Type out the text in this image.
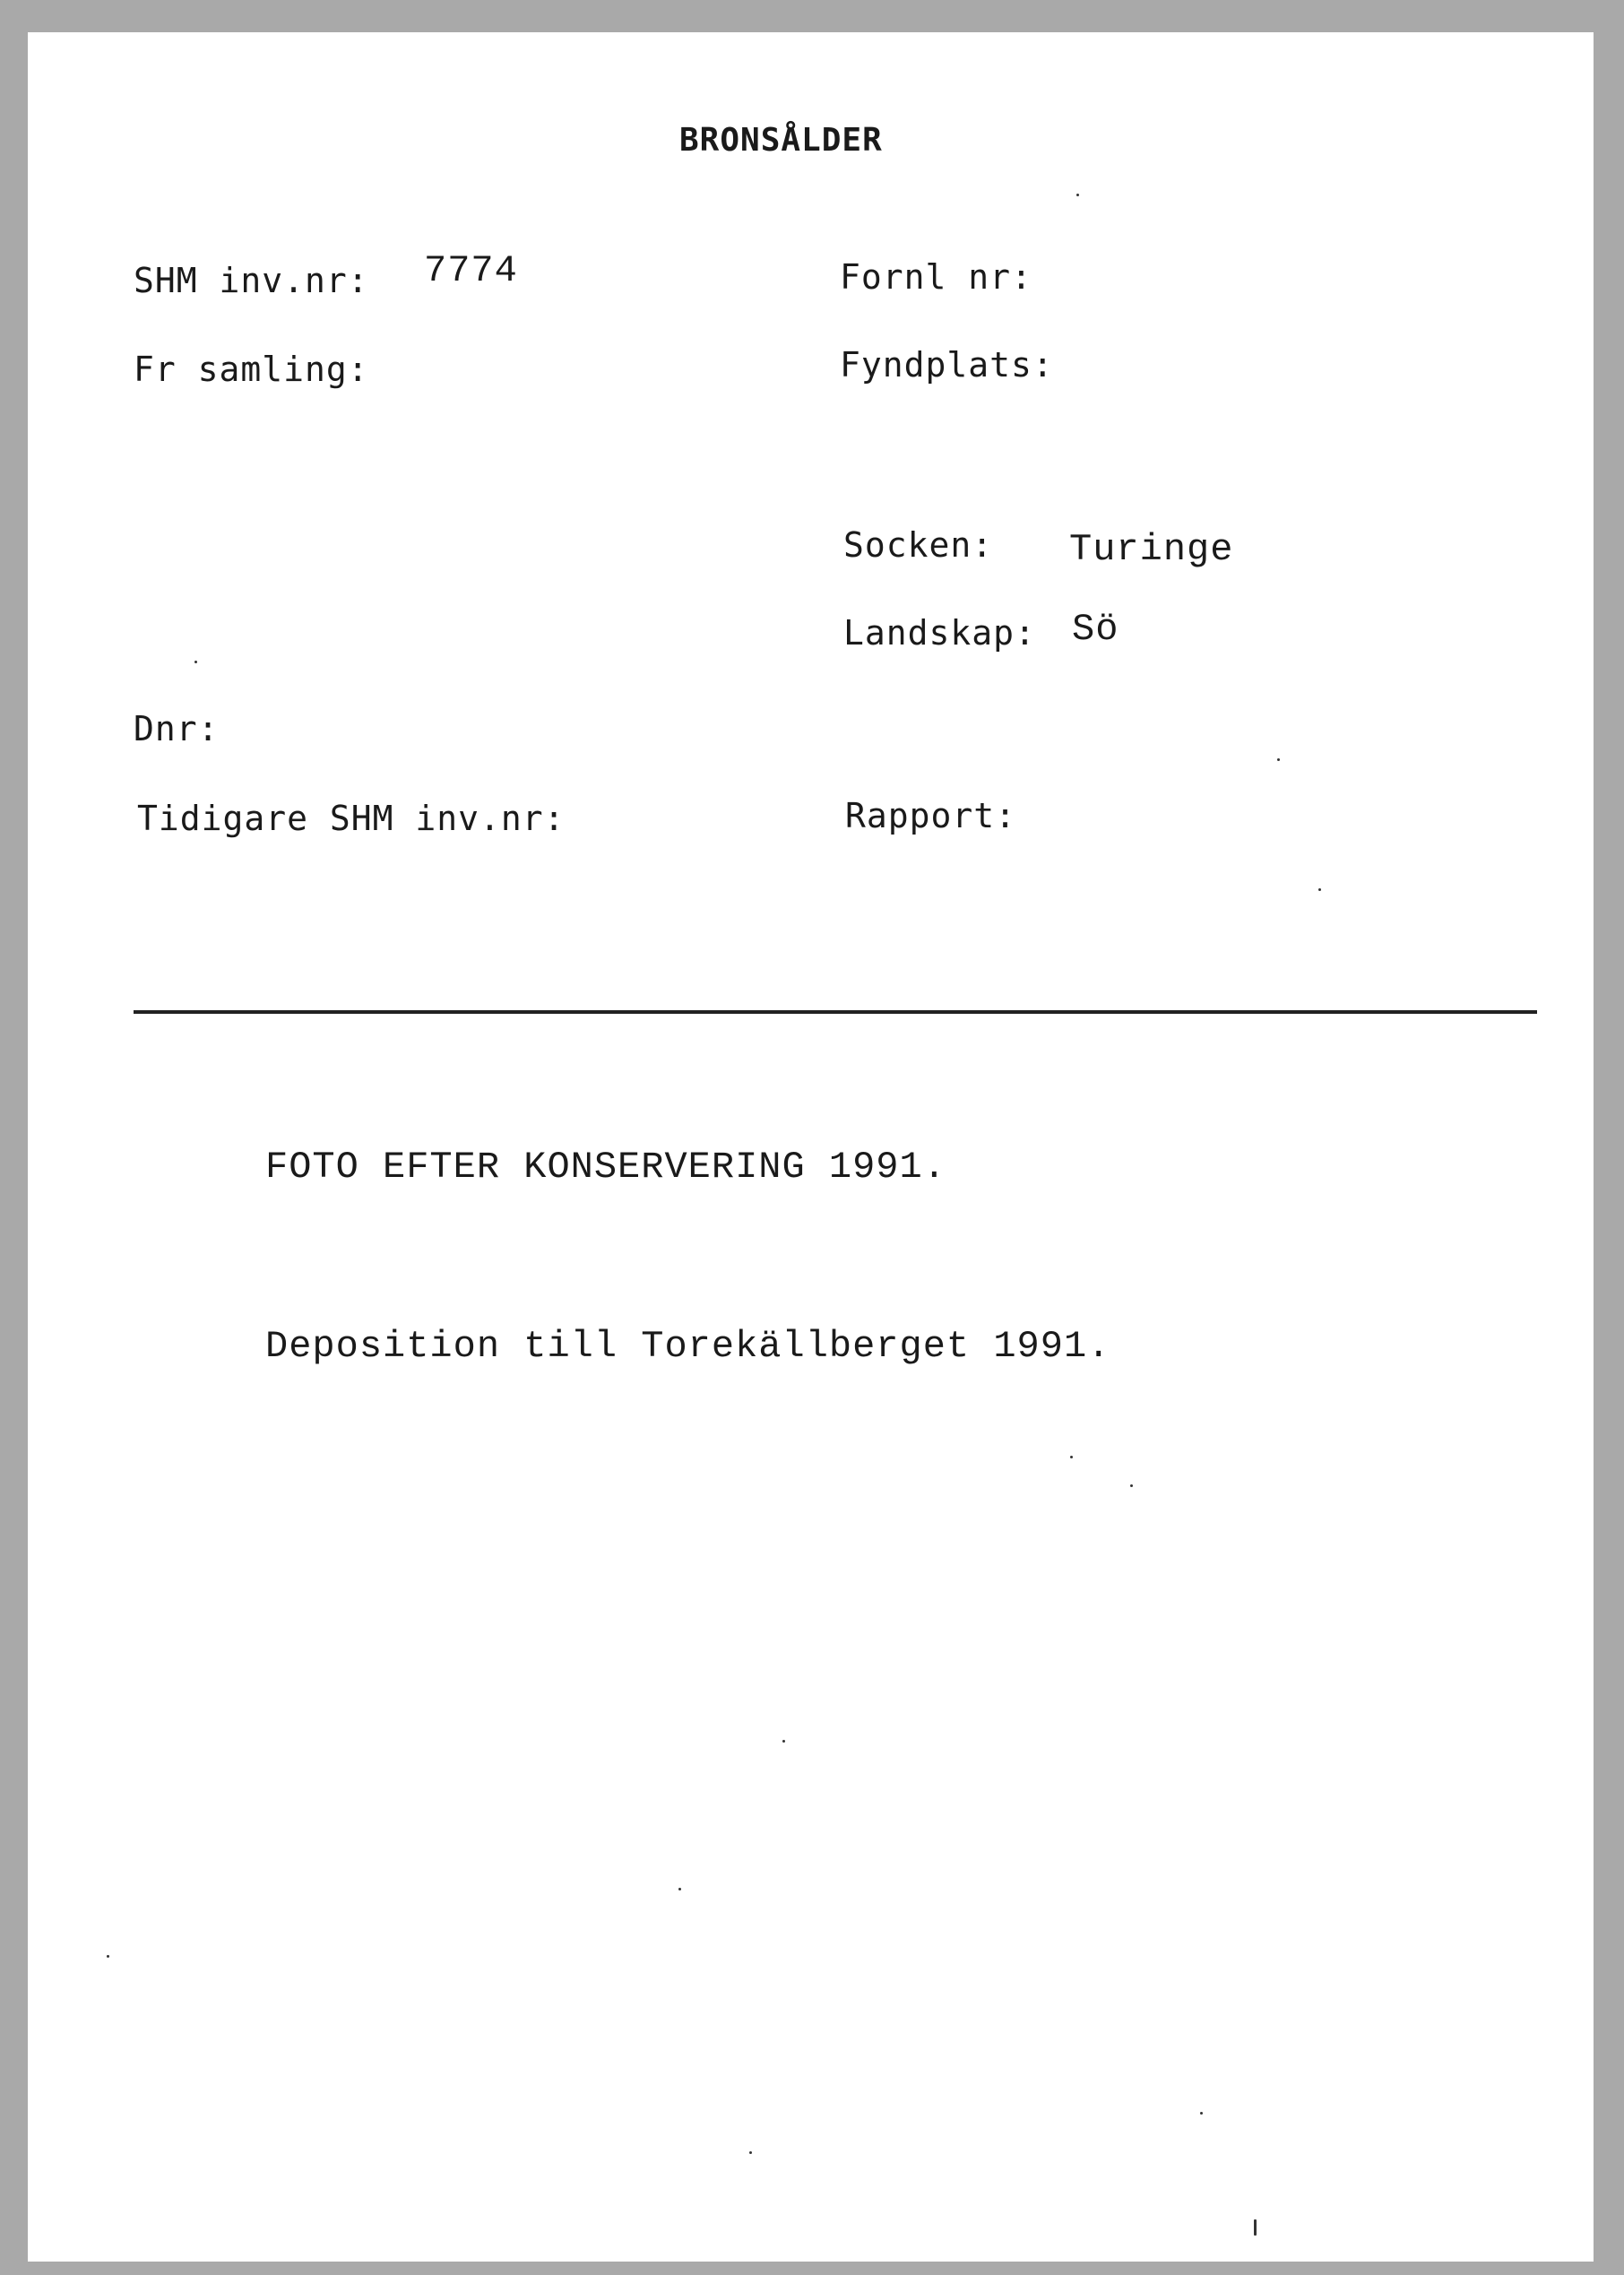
BRONSÅLDER
SHM inv.nr: 7774	Fornl nr:
Fr samling:	Fyndplats:
Socken: Turinge
Landskap: Sö
Dnr:
Tidigare SHM inv.nr:	Rapport:
FOTO EFTER KONSERVERING 1991.
Deposition till Torekällberget 1991.
